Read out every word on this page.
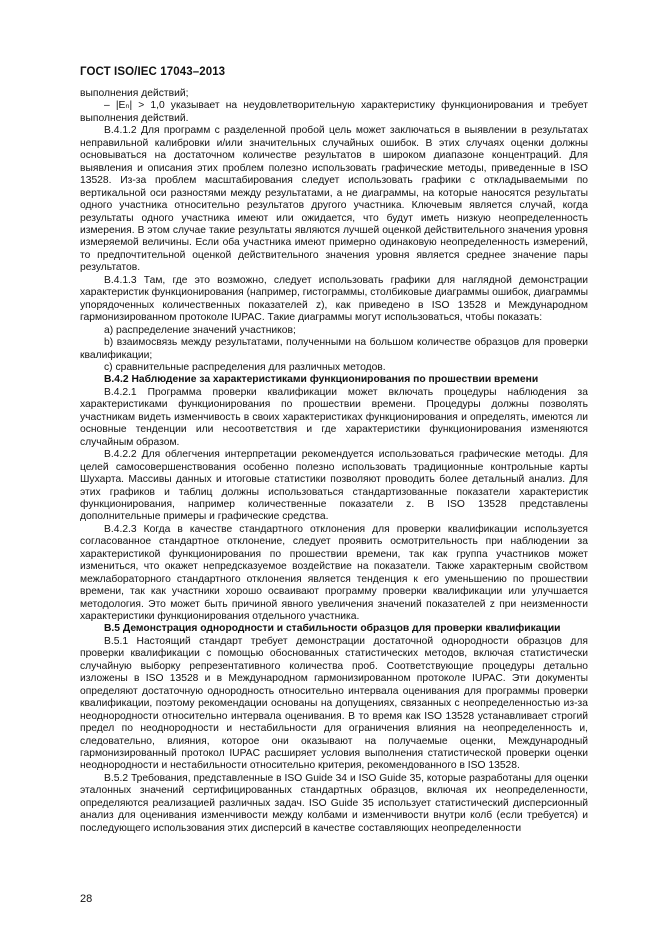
ГОСТ ISO/IEC 17043–2013

выполнения действий;

– |Eₙ| > 1,0 указывает на неудовлетворительную характеристику функционирования и требует выполнения действий.

B.4.1.2 Для программ с разделенной пробой цель может заключаться в выявлении в результатах неправильной калибровки и/или значительных случайных ошибок. В этих случаях оценки должны основываться на достаточном количестве результатов в широком диапазоне концентраций. Для выявления и описания этих проблем полезно использовать графические методы, приведенные в ISO 13528. Из-за проблем масштабирования следует использовать графики с откладываемыми по вертикальной оси разностями между результатами, а не диаграммы, на которые наносятся результаты одного участника относительно результатов другого участника. Ключевым является случай, когда результаты одного участника имеют или ожидается, что будут иметь низкую неопределенность измерения. В этом случае такие результаты являются лучшей оценкой действительного значения уровня измеряемой величины. Если оба участника имеют примерно одинаковую неопределенность измерений, то предпочтительной оценкой действительного значения уровня является среднее значение пары результатов.

B.4.1.3 Там, где это возможно, следует использовать графики для наглядной демонстрации характеристик функционирования (например, гистограммы, столбиковые диаграммы ошибок, диаграммы упорядоченных количественных показателей z), как приведено в ISO 13528 и Международном гармонизированном протоколе IUPAC. Такие диаграммы могут использоваться, чтобы показать:

а) распределение значений участников;

b) взаимосвязь между результатами, полученными на большом количестве образцов для проверки квалификации;

с) сравнительные распределения для различных методов.

В.4.2 Наблюдение за характеристиками функционирования по прошествии времени

B.4.2.1 Программа проверки квалификации может включать процедуры наблюдения за характеристиками функционирования по прошествии времени. Процедуры должны позволять участникам видеть изменчивость в своих характеристиках функционирования и определять, имеются ли основные тенденции или несоответствия и где характеристики функционирования изменяются случайным образом.

В.4.2.2 Для облегчения интерпретации рекомендуется использоваться графические методы. Для целей самосовершенствования особенно полезно использовать традиционные контрольные карты Шухарта. Массивы данных и итоговые статистики позволяют проводить более детальный анализ. Для этих графиков и таблиц должны использоваться стандартизованные показатели характеристик функционирования, например количественные показатели z. В ISO 13528 представлены дополнительные примеры и графические средства.

В.4.2.3 Когда в качестве стандартного отклонения для проверки квалификации используется согласованное стандартное отклонение, следует проявить осмотрительность при наблюдении за характеристикой функционирования по прошествии времени, так как группа участников может измениться, что окажет непредсказуемое воздействие на показатели. Также характерным свойством межлабораторного стандартного отклонения является тенденция к его уменьшению по прошествии времени, так как участники хорошо осваивают программу проверки квалификации или улучшается методология. Это может быть причиной явного увеличения значений показателей z при неизменности характеристики функционирования отдельного участника.

В.5 Демонстрация однородности и стабильности образцов для проверки квалификации

В.5.1 Настоящий стандарт требует демонстрации достаточной однородности образцов для проверки квалификации с помощью обоснованных статистических методов, включая статистически случайную выборку репрезентативного количества проб. Соответствующие процедуры детально изложены в ISO 13528 и в Международном гармонизированном протоколе IUPAC. Эти документы определяют достаточную однородность относительно интервала оценивания для программы проверки квалификации, поэтому рекомендации основаны на допущениях, связанных с неопределенностью из-за неоднородности относительно интервала оценивания. В то время как ISO 13528 устанавливает строгий предел по неоднородности и нестабильности для ограничения влияния на неопределенность и, следовательно, влияния, которое они оказывают на получаемые оценки, Международный гармонизированный протокол IUPAC расширяет условия выполнения статистической проверки оценки неоднородности и нестабильности относительно критерия, рекомендованного в ISO 13528.

В.5.2 Требования, представленные в ISO Guide 34 и ISO Guide 35, которые разработаны для оценки эталонных значений сертифицированных стандартных образцов, включая их неопределенности, определяются реализацией различных задач. ISO Guide 35 использует статистический дисперсионный анализ для оценивания изменчивости между колбами и изменчивости внутри колб (если требуется) и последующего использования этих дисперсий в качестве составляющих неопределенности

28
